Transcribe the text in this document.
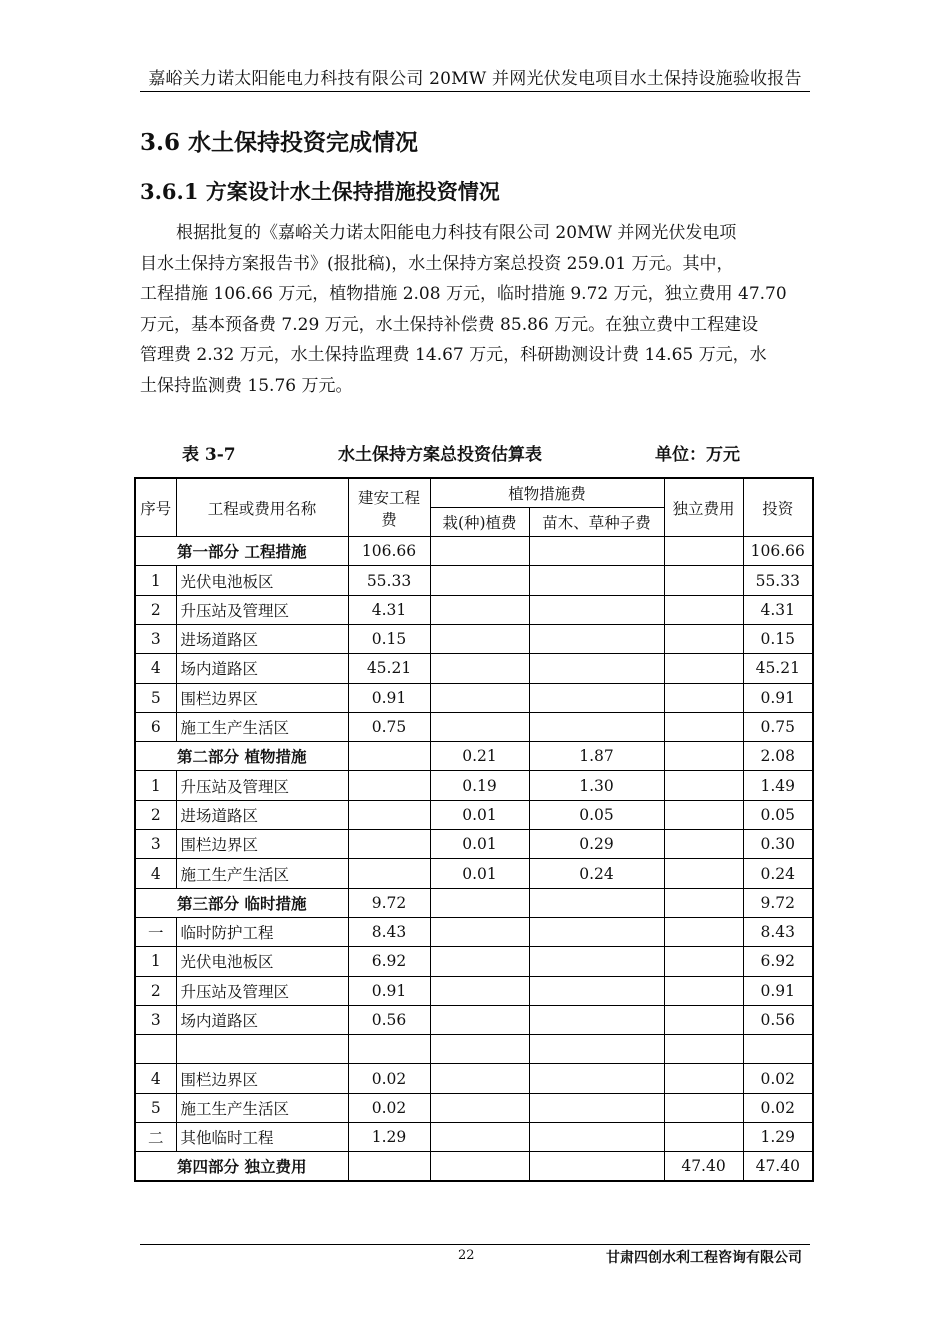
嘉峪关力诺太阳能电力科技有限公司 20MW 并网光伏发电项目水土保持设施验收报告
3.6 水土保持投资完成情况
3.6.1 方案设计水土保持措施投资情况
根据批复的《嘉峪关力诺太阳能电力科技有限公司 20MW 并网光伏发电项
目水土保持方案报告书》(报批稿)，水土保持方案总投资 259.01 万元。其中，
工程措施 106.66 万元，植物措施 2.08 万元，临时措施 9.72 万元，独立费用 47.70
万元，基本预备费 7.29 万元，水土保持补偿费 85.86 万元。在独立费中工程建设
管理费 2.32 万元，水土保持监理费 14.67 万元，科研勘测设计费 14.65 万元，水
土保持监测费 15.76 万元。
表 3-7	水土保持方案总投资估算表	单位：万元
序号	工程或费用名称	建安工程费	植物措施费		独立费用	投资
			栽(种)植费	苗木、草种子费		
第一部分 工程措施		106.66				106.66
1	光伏电池板区	55.33				55.33
2	升压站及管理区	4.31				4.31
3	进场道路区	0.15				0.15
4	场内道路区	45.21				45.21
5	围栏边界区	0.91				0.91
6	施工生产生活区	0.75				0.75
第二部分 植物措施			0.21	1.87		2.08
1	升压站及管理区		0.19	1.30		1.49
2	进场道路区		0.01	0.05		0.05
3	围栏边界区		0.01	0.29		0.30
4	施工生产生活区		0.01	0.24		0.24
第三部分 临时措施		9.72				9.72
一	临时防护工程	8.43				8.43
1	光伏电池板区	6.92				6.92
2	升压站及管理区	0.91				0.91
3	场内道路区	0.56				0.56

4	围栏边界区	0.02				0.02
5	施工生产生活区	0.02				0.02
二	其他临时工程	1.29				1.29
第四部分 独立费用					47.40	47.40
22	甘肃四创水利工程咨询有限公司
